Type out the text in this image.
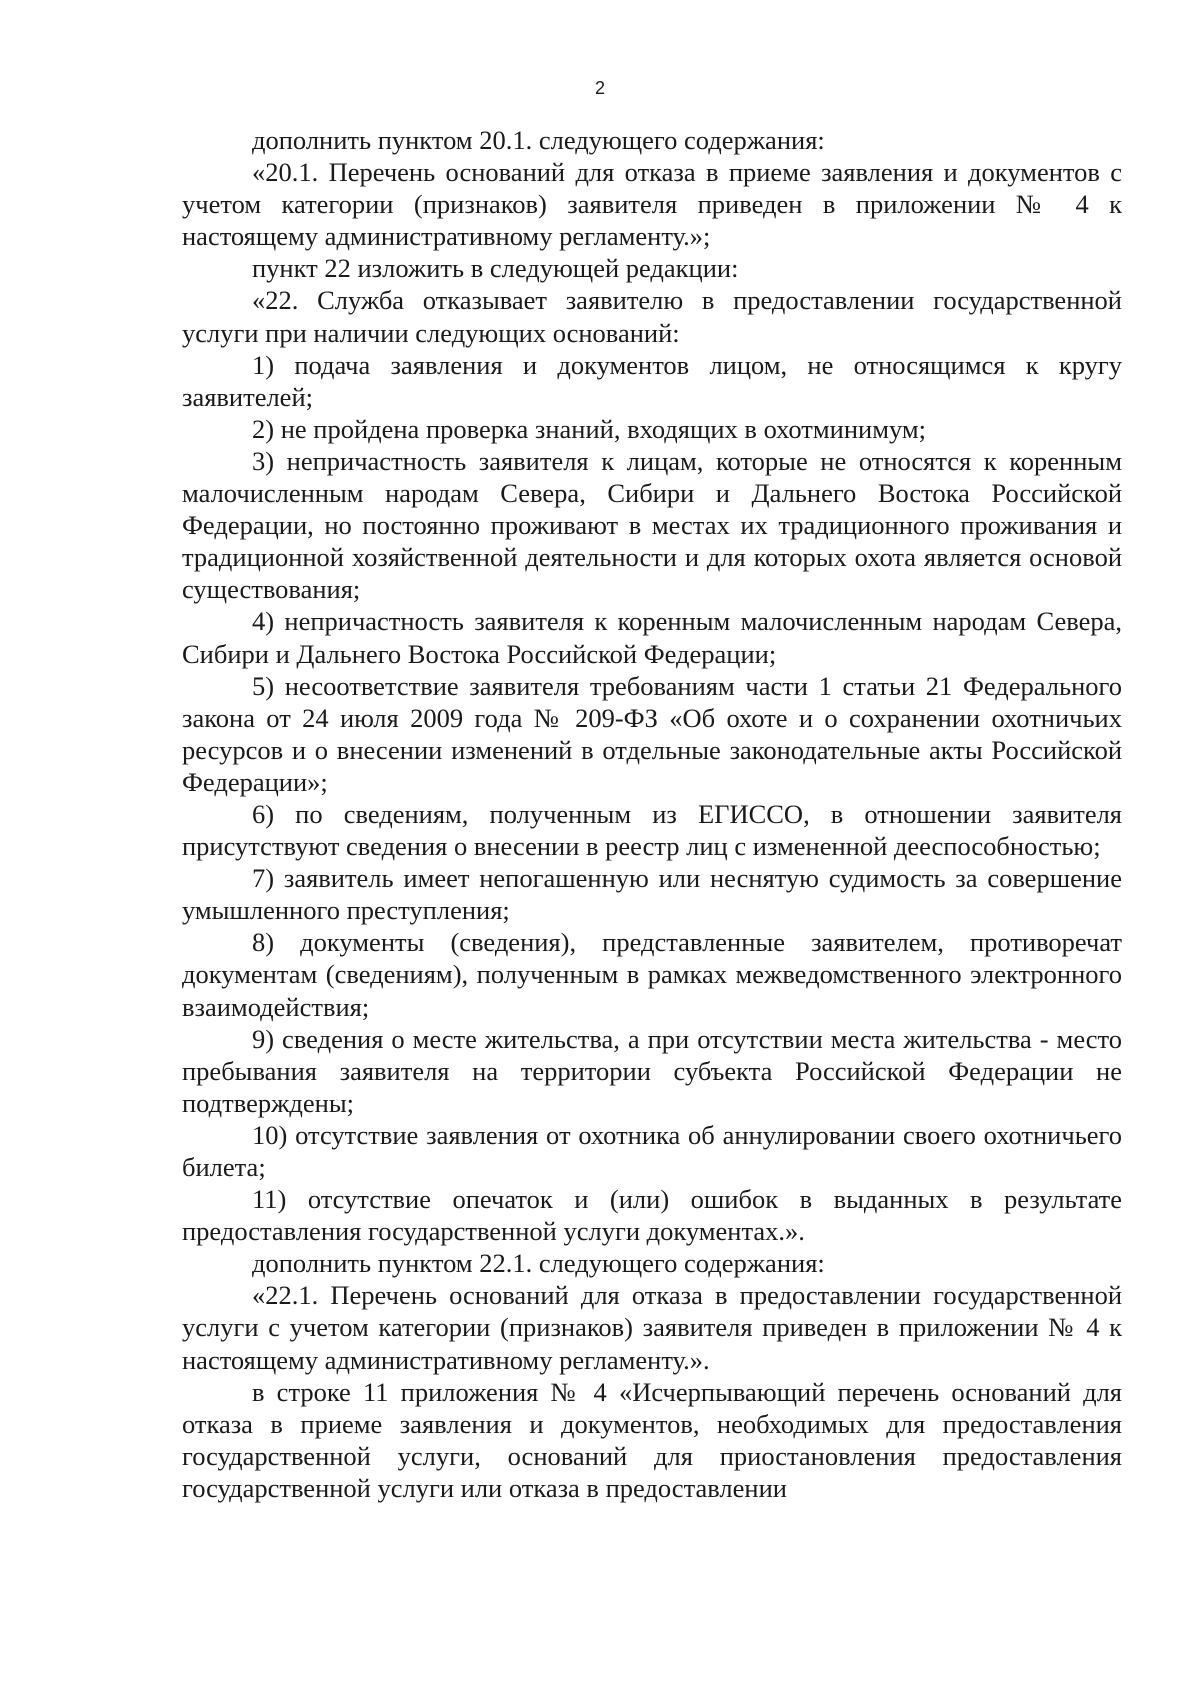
2

дополнить пунктом 20.1. следующего содержания:

«20.1. Перечень оснований для отказа в приеме заявления и документов с учетом категории (признаков) заявителя приведен в приложении № 4 к настоящему административному регламенту.»;

пункт 22 изложить в следующей редакции:

«22. Служба отказывает заявителю в предоставлении государственной услуги при наличии следующих оснований:

1) подача заявления и документов лицом, не относящимся к кругу заявителей;

2) не пройдена проверка знаний, входящих в охотминимум;

3) непричастность заявителя к лицам, которые не относятся к коренным малочисленным народам Севера, Сибири и Дальнего Востока Российской Федерации, но постоянно проживают в местах их традиционного проживания и традиционной хозяйственной деятельности и для которых охота является основой существования;

4) непричастность заявителя к коренным малочисленным народам Севера, Сибири и Дальнего Востока Российской Федерации;

5) несоответствие заявителя требованиям части 1 статьи 21 Федерального закона от 24 июля 2009 года № 209-ФЗ «Об охоте и о сохранении охотничьих ресурсов и о внесении изменений в отдельные законодательные акты Российской Федерации»;

6) по сведениям, полученным из ЕГИССО, в отношении заявителя присутствуют сведения о внесении в реестр лиц с измененной дееспособностью;

7) заявитель имеет непогашенную или неснятую судимость за совершение умышленного преступления;

8) документы (сведения), представленные заявителем, противоречат документам (сведениям), полученным в рамках межведомственного электронного взаимодействия;

9) сведения о месте жительства, а при отсутствии места жительства - место пребывания заявителя на территории субъекта Российской Федерации не подтверждены;

10) отсутствие заявления от охотника об аннулировании своего охотничьего билета;

11) отсутствие опечаток и (или) ошибок в выданных в результате предоставления государственной услуги документах.».

дополнить пунктом 22.1. следующего содержания:

«22.1. Перечень оснований для отказа в предоставлении государственной услуги с учетом категории (признаков) заявителя приведен в приложении № 4 к настоящему административному регламенту.».

в строке 11 приложения № 4 «Исчерпывающий перечень оснований для отказа в приеме заявления и документов, необходимых для предоставления государственной услуги, оснований для приостановления предоставления государственной услуги или отказа в предоставлении
